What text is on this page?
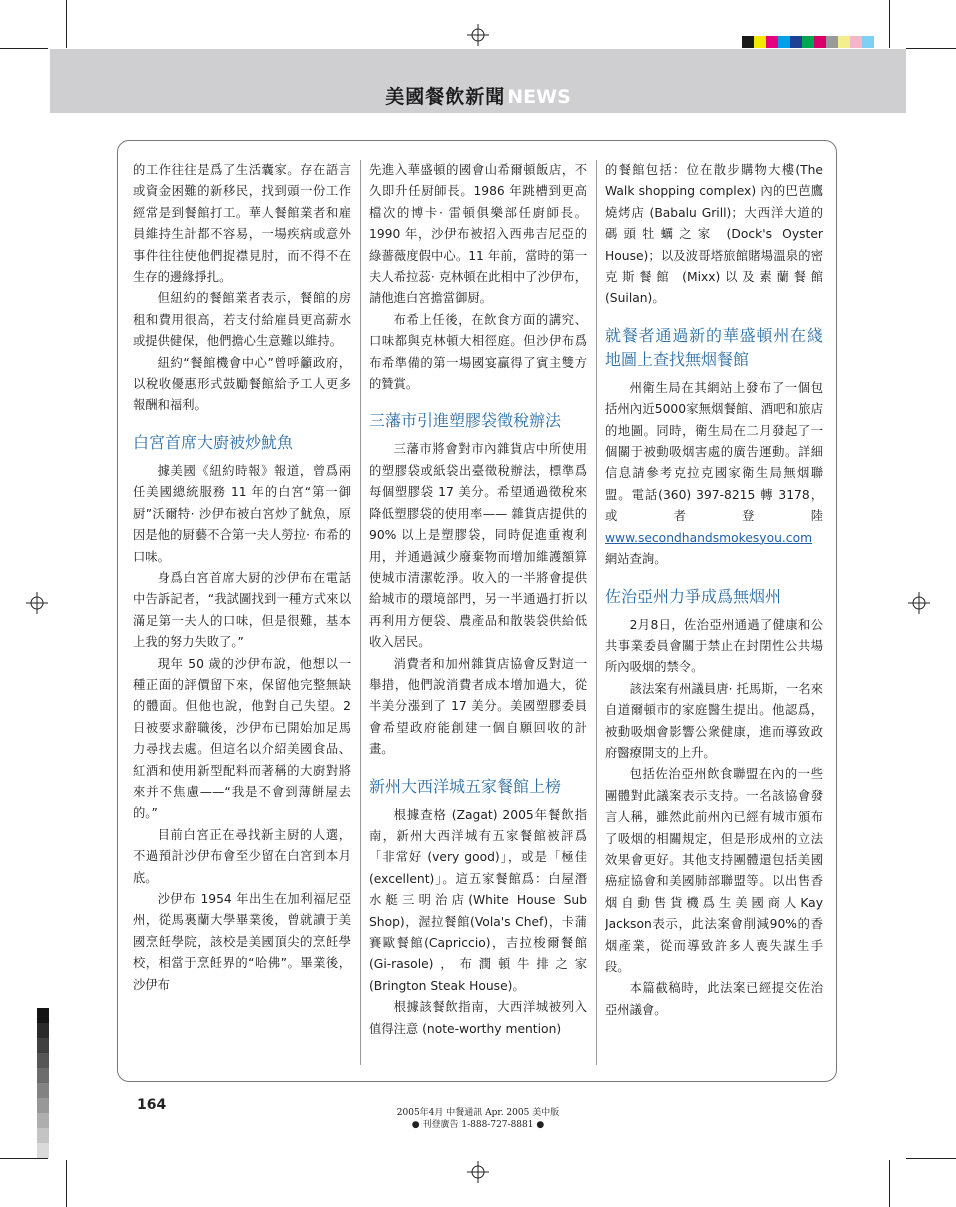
美國餐飲新聞 NEWS

的工作往往是爲了生活囊家。存在語言或資金困難的新移民，找到頭一份工作經常是到餐館打工。華人餐館業者和雇員維持生計都不容易，一場疾病或意外事件往往使他們捉襟見肘，而不得不在生存的邊緣掙扎。

但紐約的餐館業者表示，餐館的房租和費用很高，若支付給雇員更高薪水或提供健保，他們擔心生意難以維持。

紐約“餐館機會中心”曾呼籲政府，以稅收優惠形式鼓勵餐館給予工人更多報酬和福利。

白宮首席大廚被炒魷魚

據美國《紐約時報》報道，曾爲兩任美國總統服務 11 年的白宮“第一御厨”沃爾特· 沙伊布被白宮炒了魷魚，原因是他的厨藝不合第一夫人勞拉· 布希的口味。

身爲白宮首席大厨的沙伊布在電話中告訴記者，“我試圖找到一種方式來以滿足第一夫人的口味，但是很難，基本上我的努力失敗了。”

現年 50 歲的沙伊布說，他想以一種正面的評價留下來，保留他完整無缺的體面。但他也說，他對自己失望。2 日被要求辭職後，沙伊布已開始加足馬力尋找去處。但這名以介紹美國食品、紅酒和使用新型配料而著稱的大廚對將來并不焦慮——“我是不會到薄餅屋去的。”

目前白宮正在尋找新主厨的人選，不過預計沙伊布會至少留在白宮到本月底。

沙伊布 1954 年出生在加利福尼亞州，從馬裏蘭大學畢業後，曾就讀于美國烹飪學院，該校是美國頂尖的烹飪學校，相當于烹飪界的“哈佛”。畢業後，沙伊布

先進入華盛頓的國會山希爾頓飯店，不久即升任厨師長。1986 年跳槽到更高檔次的博卡· 雷頓俱樂部任廚師長。1990 年，沙伊布被招入西弗吉尼亞的綠薔薇度假中心。11 年前，當時的第一夫人希拉蕊· 克林頓在此相中了沙伊布，請他進白宮擔當御厨。

布希上任後，在飲食方面的講究、口味都與克林頓大相徑庭。但沙伊布爲布希準備的第一場國宴贏得了賓主雙方的贊賞。

三藩市引進塑膠袋徵稅辦法

三藩市將會對市內雜貨店中所使用的塑膠袋或紙袋出臺徵稅辦法，標準爲每個塑膠袋 17 美分。希望通過徵稅來降低塑膠袋的使用率—— 雜貨店提供的 90% 以上是塑膠袋，同時促進重複利用，并通過減少廢棄物而增加維護額算使城市清潔乾淨。收入的一半將會提供給城市的環境部門，另一半通過打折以再利用方便袋、農產品和散裝袋供給低收入居民。

消費者和加州雜貨店協會反對這一舉措，他們說消費者成本增加過大，從半美分漲到了 17 美分。美國塑膠委員會希望政府能創建一個自願回收的計畫。

新州大西洋城五家餐館上榜

根據查格 (Zagat) 2005年餐飲指南，新州大西洋城有五家餐館被評爲「非常好 (very good)」，或是「極佳 (excellent)」。這五家餐館爲：白屋潛水艇三明治店(White House Sub Shop)，渥拉餐館(Vola's Chef)，卡蒲賽歐餐館(Capriccio)，吉拉梭爾餐館 (Gi-rasole)，布潤頓牛排之家 (Brington Steak House)。

根據該餐飲指南，大西洋城被列入值得注意 (note-worthy mention)

的餐館包括：位在散步購物大樓(The Walk shopping complex) 內的巴芭鷹燒烤店 (Babalu Grill)；大西洋大道的碼頭牡蠣之家 (Dock's Oyster House)；以及波哥塔旅館賭場溫泉的密克斯餐館 (Mixx)以及素蘭餐館 (Suilan)。

就餐者通過新的華盛頓州在綫地圖上查找無烟餐館

州衛生局在其網站上發布了一個包括州內近5000家無烟餐館、酒吧和旅店的地圖。同時，衛生局在二月發起了一個關于被動吸烟害處的廣告運動。詳細信息請參考克拉克國家衛生局無烟聯盟。電話(360) 397-8215 轉 3178，或者登陸www.secondhandsmokesyou.com網站查詢。

佐治亞州力爭成爲無烟州

2月8日，佐治亞州通過了健康和公共事業委員會關于禁止在封閉性公共場所內吸烟的禁令。

該法案有州議員唐· 托馬斯，一名來自道爾頓市的家庭醫生提出。他認爲，被動吸烟會影響公衆健康，進而導致政府醫療開支的上升。

包括佐治亞州飲食聯盟在內的一些團體對此議案表示支持。一名該協會發言人稱，雖然此前州內已經有城市頒布了吸烟的相關規定，但是形成州的立法效果會更好。其他支持團體還包括美國癌症協會和美國肺部聯盟等。以出售香烟自動售貨機爲生美國商人Kay Jackson表示，此法案會削減90%的香烟產業，從而導致許多人喪失謀生手段。

本篇截稿時，此法案已經提交佐治亞州議會。

164	2005年4月 中餐通訊 Apr. 2005 美中版
● 刊登廣告 1-888-727-8881 ●
